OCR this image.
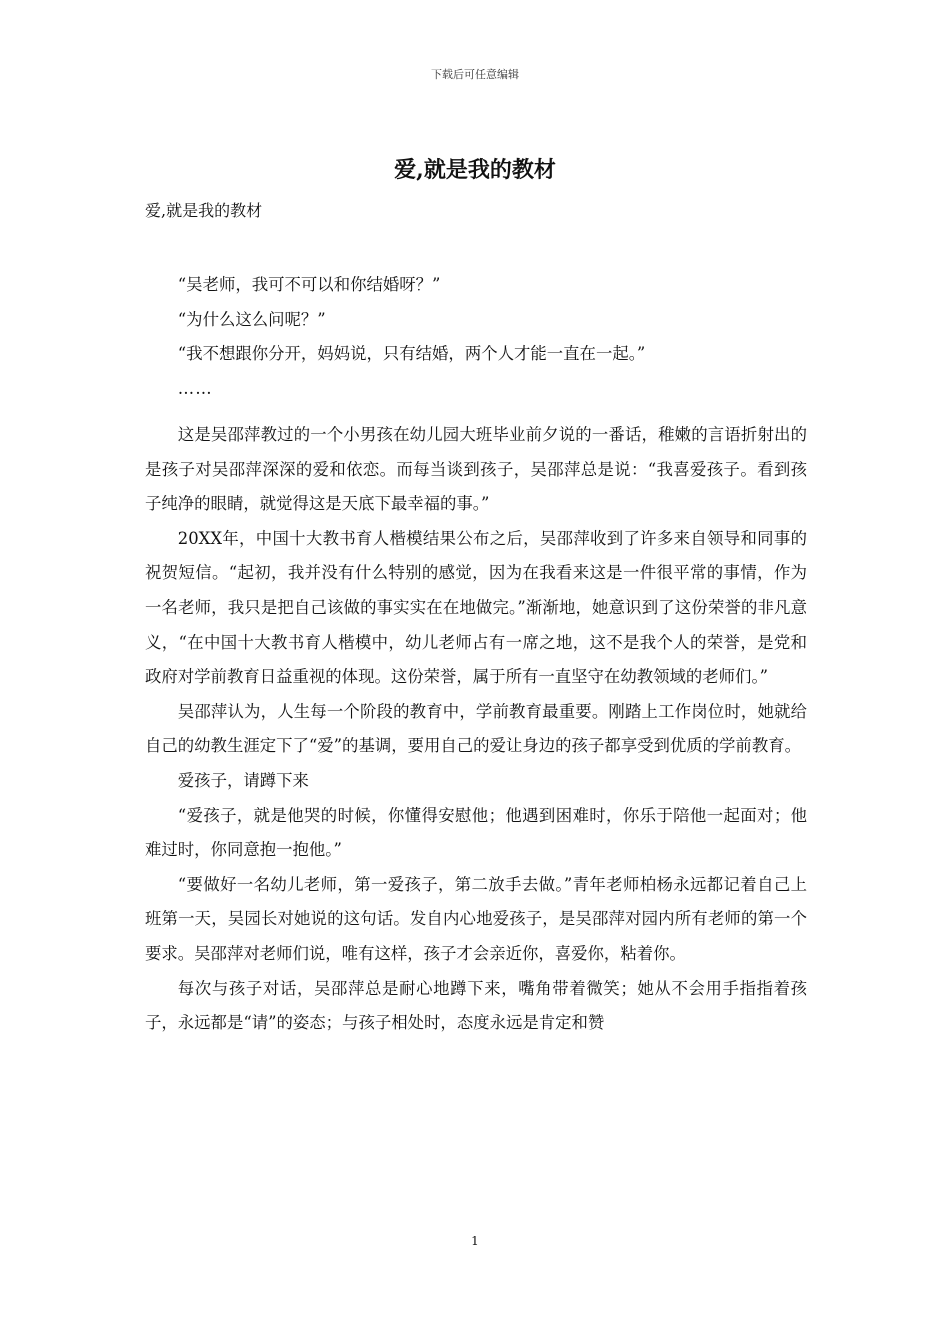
下载后可任意编辑
爱,就是我的教材

爱,就是我的教材

“吴老师，我可不可以和你结婚呀？”

“为什么这么问呢？”

“我不想跟你分开，妈妈说，只有结婚，两个人才能一直在一起。”

……

这是吴邵萍教过的一个小男孩在幼儿园大班毕业前夕说的一番话，稚嫩的言语折射出的是孩子对吴邵萍深深的爱和依恋。而每当谈到孩子，吴邵萍总是说：“我喜爱孩子。看到孩子纯净的眼睛，就觉得这是天底下最幸福的事。”

20XX年，中国十大教书育人楷模结果公布之后，吴邵萍收到了许多来自领导和同事的祝贺短信。“起初，我并没有什么特别的感觉，因为在我看来这是一件很平常的事情，作为一名老师，我只是把自己该做的事实实在在地做完。”渐渐地，她意识到了这份荣誉的非凡意义，“在中国十大教书育人楷模中，幼儿老师占有一席之地，这不是我个人的荣誉，是党和政府对学前教育日益重视的体现。这份荣誉，属于所有一直坚守在幼教领域的老师们。”

吴邵萍认为，人生每一个阶段的教育中，学前教育最重要。刚踏上工作岗位时，她就给自己的幼教生涯定下了“爱”的基调，要用自己的爱让身边的孩子都享受到优质的学前教育。

爱孩子，请蹲下来

“爱孩子，就是他哭的时候，你懂得安慰他；他遇到困难时，你乐于陪他一起面对；他难过时，你同意抱一抱他。”

“要做好一名幼儿老师，第一爱孩子，第二放手去做。”青年老师柏杨永远都记着自己上班第一天，吴园长对她说的这句话。发自内心地爱孩子，是吴邵萍对园内所有老师的第一个要求。吴邵萍对老师们说，唯有这样，孩子才会亲近你，喜爱你，粘着你。

每次与孩子对话，吴邵萍总是耐心地蹲下来，嘴角带着微笑；她从不会用手指指着孩子，永远都是“请”的姿态；与孩子相处时，态度永远是肯定和赞

1
